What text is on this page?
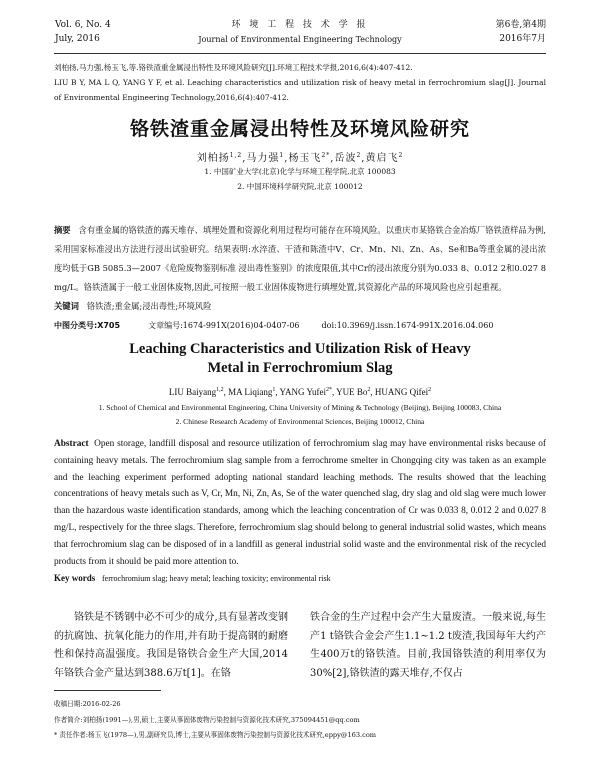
Vol. 6, No. 4
July, 2016
环 境 工 程 技 术 学 报
Journal of Environmental Engineering Technology
第6卷,第4期
2016年7月
刘柏扬,马力强,杨玉飞,等.铬铁渣重金属浸出特性及环境风险研究[J].环境工程技术学报,2016,6(4):407-412.
LIU B Y, MA L Q, YANG Y F, et al. Leaching characteristics and utilization risk of heavy metal in ferrochromium slag[J]. Journal of Environmental Engineering Technology,2016,6(4):407-412.
铬铁渣重金属浸出特性及环境风险研究
刘柏扬$^{1,2}$,马力强$^1$,杨玉飞$^{2*}$,岳波$^2$,黄启飞$^2$
1. 中国矿业大学(北京)化学与环境工程学院,北京 100083
2. 中国环境科学研究院,北京 100012
摘要 含有重金属的铬铁渣的露天堆存、填埋处置和资源化利用过程均可能存在环境风险。以重庆市某铬铁合金冶炼厂铬铁渣样品为例,采用国家标准浸出方法进行浸出试验研究。结果表明:水淬渣、干渣和陈渣中V、Cr、Mn、Ni、Zn、As、Se和Ba等重金属的浸出浓度均低于GB 5085.3—2007《危险废物鉴别标准 浸出毒性鉴别》的浓度限值,其中Cr的浸出浓度分别为0.033 8、0.012 2和0.027 8 mg/L。铬铁渣属于一般工业固体废物,因此,可按照一般工业固体废物进行填埋处置,其资源化产品的环境风险也应引起重视。
关键词 铬铁渣;重金属;浸出毒性;环境风险
中图分类号:X705	文章编号:1674-991X(2016)04-0407-06	doi:10.3969/j.issn.1674-991X.2016.04.060
Leaching Characteristics and Utilization Risk of Heavy
Metal in Ferrochromium Slag
LIU Baiyang$^{1,2}$, MA Liqiang$^1$, YANG Yufei$^{2*}$, YUE Bo$^2$, HUANG Qifei$^2$
1. School of Chemical and Environmental Engineering, China University of Mining & Technology (Beijing), Beijing 100083, China
2. Chinese Research Academy of Environmental Sciences, Beijing 100012, China
Abstract Open storage, landfill disposal and resource utilization of ferrochromium slag may have environmental risks because of containing heavy metals. The ferrochromium slag sample from a ferrochrome smelter in Chongqing city was taken as an example and the leaching experiment performed adopting national standard leaching methods. The results showed that the leaching concentrations of heavy metals such as V, Cr, Mn, Ni, Zn, As, Se of the water quenched slag, dry slag and old slag were much lower than the hazardous waste identification standards, among which the leaching concentration of Cr was 0.033 8, 0.012 2 and 0.027 8 mg/L, respectively for the three slags. Therefore, ferrochromium slag should belong to general industrial solid wastes, which means that ferrochromium slag can be disposed of in a landfill as general industrial solid waste and the environmental risk of the recycled products from it should be paid more attention to.
Key words ferrochromium slag; heavy metal; leaching toxicity; environmental risk
铬铁是不锈钢中必不可少的成分,具有显著改变钢的抗腐蚀、抗氧化能力的作用,并有助于提高钢的耐磨性和保持高温强度。我国是铬铁合金生产大国,2014年铬铁合金产量达到388.6万t[1]。在铬
铁合金的生产过程中会产生大量废渣。一般来说,每生产1 t铬铁合金会产生1.1~1.2 t废渣,我国每年大约产生400万t的铬铁渣。目前,我国铬铁渣的利用率仅为30%[2],铬铁渣的露天堆存,不仅占
收稿日期:2016-02-26
作者简介:刘柏扬(1991—),男,硕士,主要从事固体废物污染控制与资源化技术研究,375094451@qq.com
* 责任作者:杨玉飞(1978—),男,副研究员,博士,主要从事固体废物污染控制与资源化技术研究,eppy@163.com
